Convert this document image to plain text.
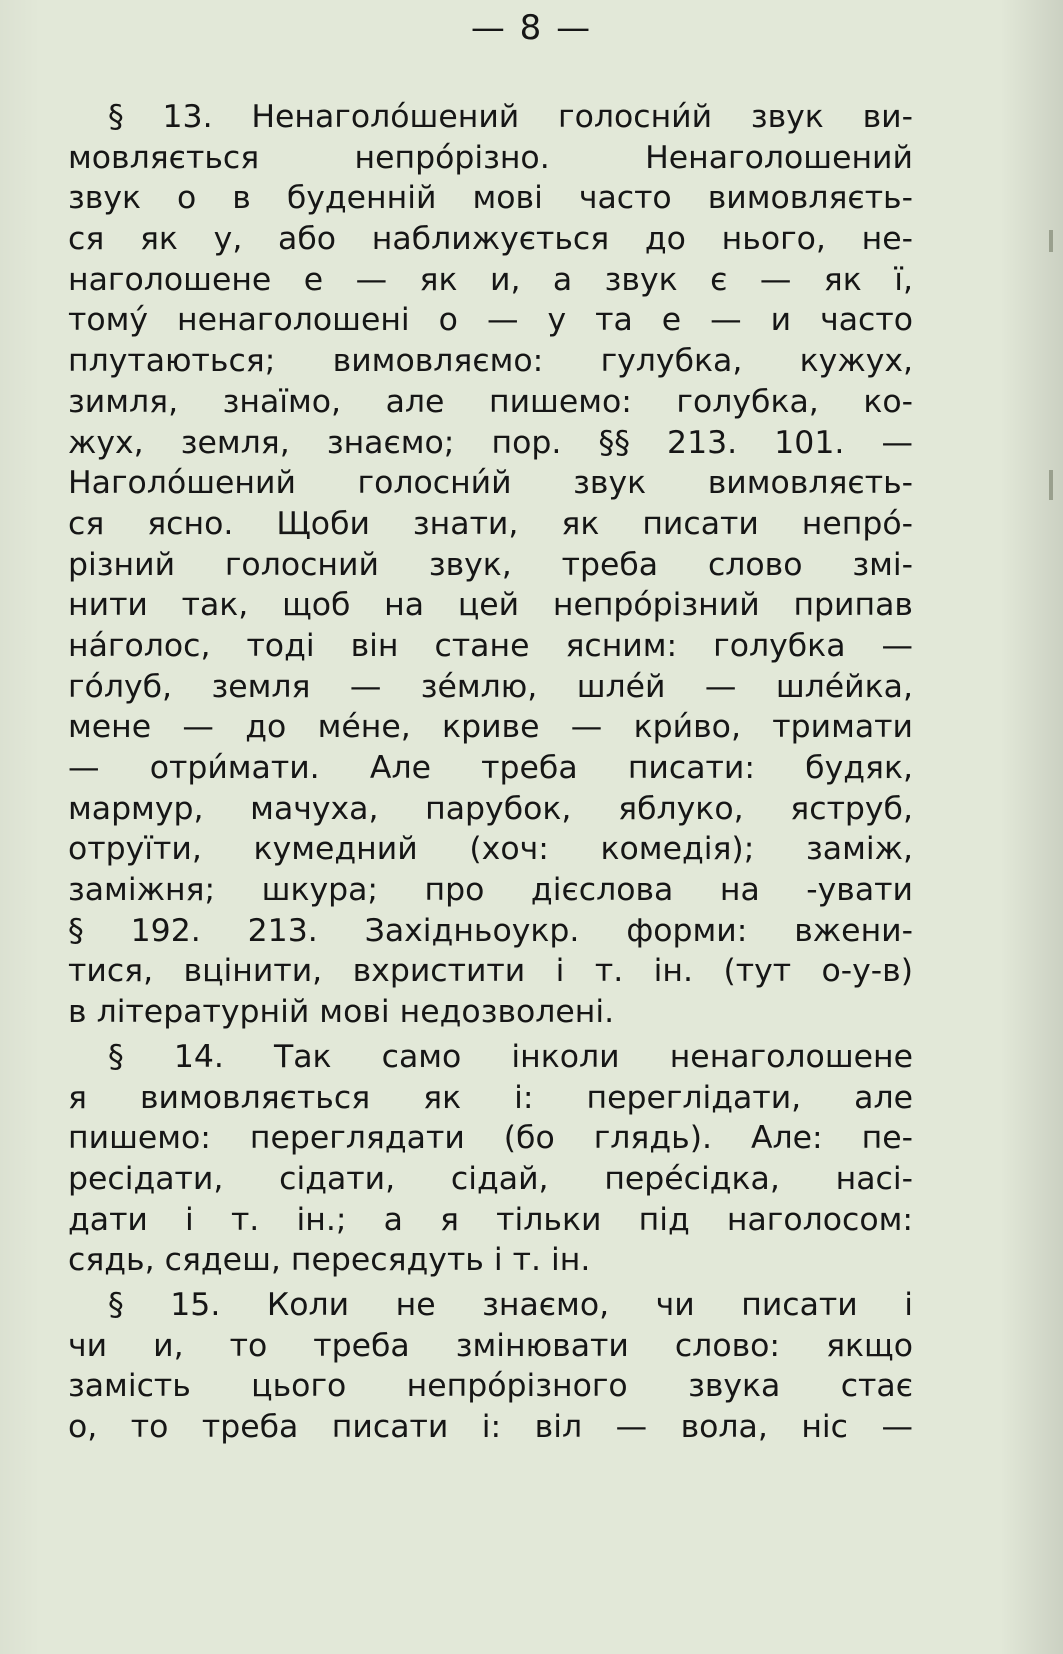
— 8 —
§ 13. Ненаголо́шений голосни́й звук ви-
мовляється непро́різно. Ненаголошений
звук о в буденній мові часто вимовляєть-
ся як у, або наближується до нього, не-
наголошене е — як и, а звук є — як ї,
тому́ ненаголошені о — у та е — и часто
плутаються; вимовляємо: гулубка, кужух,
зимля, знаїмо, але пишемо: голубка, ко-
жух, земля, знаємо; пор. §§ 213. 101. —
Наголо́шений голосни́й звук вимовляєть-
ся ясно. Щоби знати, як писати непро́-
різний голосний звук, треба слово змі-
нити так, щоб на цей непро́різний припав
на́голос, тоді він стане ясним: голубка —
го́луб, земля — зе́млю, шле́й — шле́йка,
мене — до ме́не, криве — кри́во, тримати
— отри́мати. Але треба писати: будяк,
мармур, мачуха, парубок, яблуко, яструб,
отруїти, кумедний (хоч: комедія); заміж,
заміжня; шкура; про дієслова на -увати
§ 192. 213. Західньоукр. форми: вжени-
тися, вцінити, вхристити і т. ін. (тут о-у-в)
в літературній мові недозволені.
§ 14. Так само інколи ненаголошене
я вимовляється як і: переглідати, але
пишемо: переглядати (бо глядь). Але: пе-
ресідати, сідати, сідай, пере́сідка, насі-
дати і т. ін.; а я тільки під наголосом:
сядь, сядеш, пересядуть і т. ін.
§ 15. Коли не знаємо, чи писати і
чи и, то треба змінювати слово: якщо
замість цього непро́різного звука стає
о, то треба писати і: віл — вола, ніс —
